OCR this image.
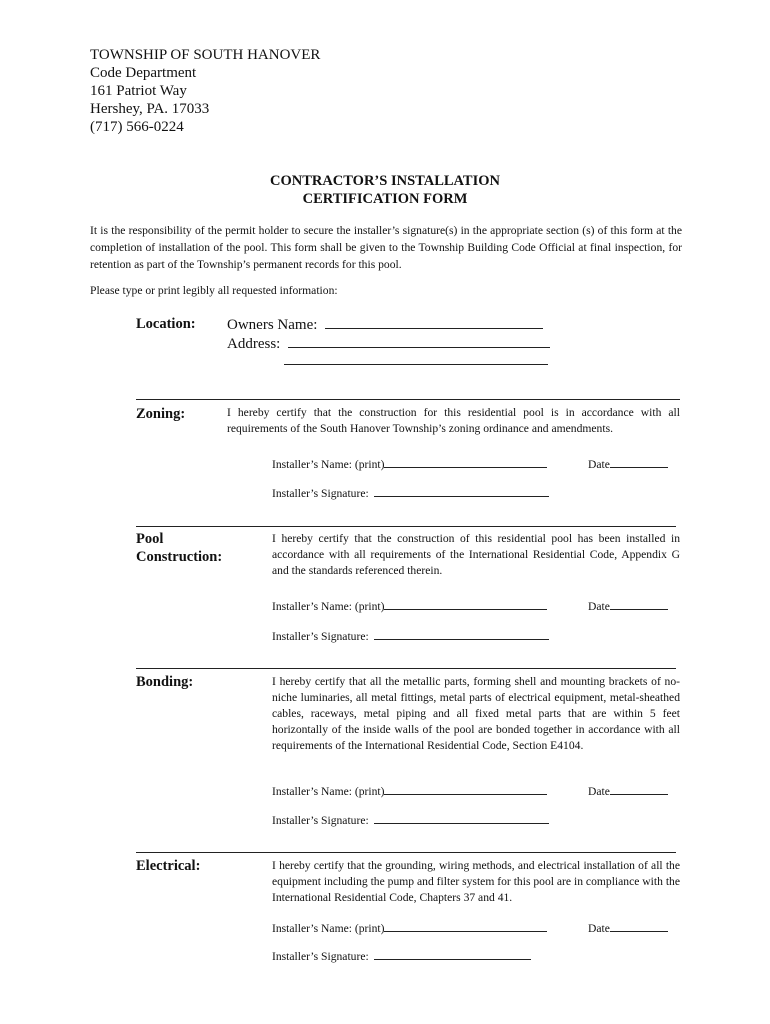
TOWNSHIP OF SOUTH HANOVER
Code Department
161 Patriot Way
Hershey, PA. 17033
(717) 566-0224
CONTRACTOR’S INSTALLATION
CERTIFICATION FORM
It is the responsibility of the permit holder to secure the installer’s signature(s) in the appropriate section (s) of this form at the completion of installation of the pool. This form shall be given to the Township Building Code Official at final inspection, for retention as part of the Township’s permanent records for this pool.
Please type or print legibly all requested information:
Location: Owners Name:
Address:
Zoning:	I hereby certify that the construction for this residential pool is in accordance with all requirements of the South Hanover Township’s zoning ordinance and amendments.
Installer’s Name: (print)	Date
Installer’s Signature:
Pool
Construction:
I hereby certify that the construction of this residential pool has been installed in accordance with all requirements of the International Residential Code, Appendix G and the standards referenced therein.
Installer’s Name: (print)	Date
Installer’s Signature:
Bonding:	I hereby certify that all the metallic parts, forming shell and mounting brackets of no-niche luminaries, all metal fittings, metal parts of electrical equipment, metal-sheathed cables, raceways, metal piping and all fixed metal parts that are within 5 feet horizontally of the inside walls of the pool are bonded together in accordance with all requirements of the International Residential Code, Section E4104.
Installer’s Name: (print)	Date
Installer’s Signature:
Electrical:	I hereby certify that the grounding, wiring methods, and electrical installation of all the equipment including the pump and filter system for this pool are in compliance with the International Residential Code, Chapters 37 and 41.
Installer’s Name: (print)	Date
Installer’s Signature:
